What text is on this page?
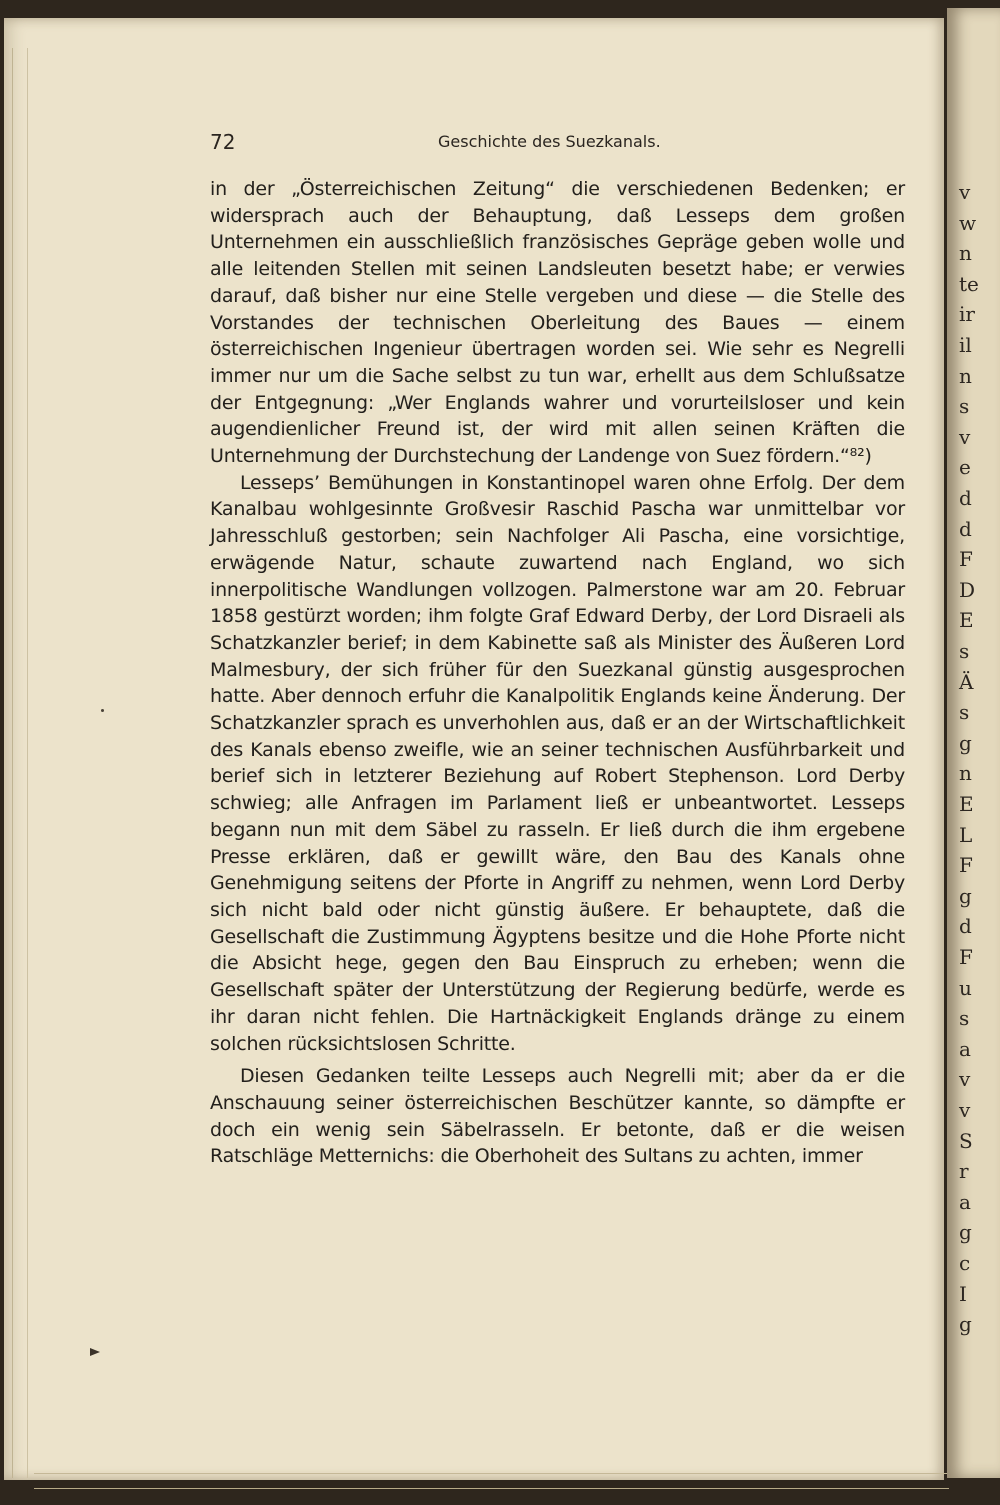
72	Geschichte des Suezkanals.

in der „Österreichischen Zeitung“ die verschiedenen Bedenken; er widersprach auch der Behauptung, daß Lesseps dem großen Unternehmen ein ausschließlich französisches Gepräge geben wolle und alle leitenden Stellen mit seinen Landsleuten besetzt habe; er verwies darauf, daß bisher nur eine Stelle vergeben und diese — die Stelle des Vorstandes der technischen Oberleitung des Baues — einem österreichischen Ingenieur übertragen worden sei. Wie sehr es Negrelli immer nur um die Sache selbst zu tun war, erhellt aus dem Schlußsatze der Entgegnung: „Wer Englands wahrer und vorurteilsloser und kein augendienlicher Freund ist, der wird mit allen seinen Kräften die Unternehmung der Durchstechung der Landenge von Suez fördern.“⁸²)

Lesseps’ Bemühungen in Konstantinopel waren ohne Erfolg. Der dem Kanalbau wohlgesinnte Großvesir Raschid Pascha war unmittelbar vor Jahresschluß gestorben; sein Nachfolger Ali Pascha, eine vorsichtige, erwägende Natur, schaute zuwartend nach England, wo sich innerpolitische Wandlungen vollzogen. Palmerstone war am 20. Februar 1858 gestürzt worden; ihm folgte Graf Edward Derby, der Lord Disraeli als Schatzkanzler berief; in dem Kabinette saß als Minister des Äußeren Lord Malmesbury, der sich früher für den Suezkanal günstig ausgesprochen hatte. Aber dennoch erfuhr die Kanalpolitik Englands keine Änderung. Der Schatzkanzler sprach es unverhohlen aus, daß er an der Wirtschaftlichkeit des Kanals ebenso zweifle, wie an seiner technischen Ausführbarkeit und berief sich in letzterer Beziehung auf Robert Stephenson. Lord Derby schwieg; alle Anfragen im Parlament ließ er unbeantwortet. Lesseps begann nun mit dem Säbel zu rasseln. Er ließ durch die ihm ergebene Presse erklären, daß er gewillt wäre, den Bau des Kanals ohne Genehmigung seitens der Pforte in Angriff zu nehmen, wenn Lord Derby sich nicht bald oder nicht günstig äußere. Er behauptete, daß die Gesellschaft die Zustimmung Ägyptens besitze und die Hohe Pforte nicht die Absicht hege, gegen den Bau Einspruch zu erheben; wenn die Gesellschaft später der Unterstützung der Regierung bedürfe, werde es ihr daran nicht fehlen. Die Hartnäckigkeit Englands dränge zu einem solchen rücksichtslosen Schritte.

Diesen Gedanken teilte Lesseps auch Negrelli mit; aber da er die Anschauung seiner österreichischen Beschützer kannte, so dämpfte er doch ein wenig sein Säbelrasseln. Er betonte, daß er die weisen Ratschläge Metternichs: die Oberhoheit des Sultans zu achten, immer

v
w
n
te
ir
il
n
s
v
e
d
d
F
D
E
s
Ä
s
g
n
E
L
F
g
d
F
u
s
a
v
v
S
r
a
g
c
I
g
